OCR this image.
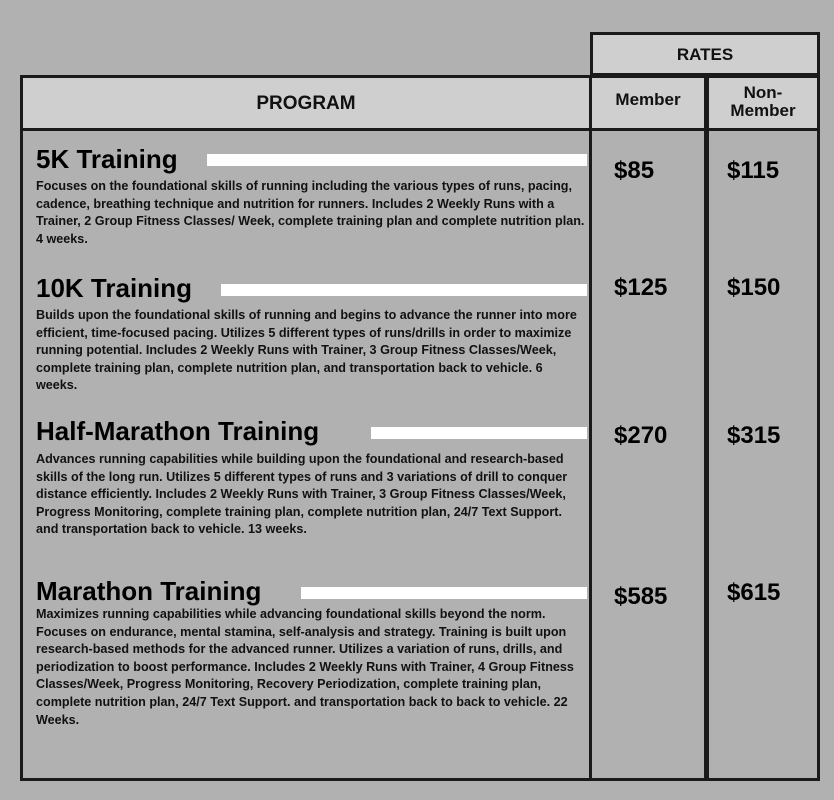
RATES
PROGRAM	Member	Non-
Member
5K Training
Focuses on the foundational skills of running including the various types of runs, pacing, cadence, breathing technique and nutrition for runners. Includes 2 Weekly Runs with a Trainer, 2 Group Fitness Classes/ Week, complete training plan and complete nutrition plan. 4 weeks.
10K Training
Builds upon the foundational skills of running and begins to advance the runner into more efficient, time-focused pacing. Utilizes 5 different types of runs/drills in order to maximize running potential. Includes 2 Weekly Runs with Trainer, 3 Group Fitness Classes/Week, complete training plan, complete nutrition plan, and transportation back to vehicle. 6 weeks.
Half-Marathon Training
Advances running capabilities while building upon the foundational and research-based skills of the long run. Utilizes 5 different types of runs and 3 variations of drill to conquer distance efficiently. Includes 2 Weekly Runs with Trainer, 3 Group Fitness Classes/Week, Progress Monitoring, complete training plan, complete nutrition plan, 24/7 Text Support. and transportation back to vehicle. 13 weeks.
Marathon Training
Maximizes running capabilities while advancing foundational skills beyond the norm. Focuses on endurance, mental stamina, self-analysis and strategy. Training is built upon research-based methods for the advanced runner. Utilizes a variation of runs, drills, and periodization to boost performance. Includes 2 Weekly Runs with Trainer, 4 Group Fitness Classes/Week, Progress Monitoring, Recovery Periodization, complete training plan, complete nutrition plan, 24/7 Text Support. and transportation back to back to vehicle. 22 Weeks.
$85
$125
$270
$585
$115
$150
$315
$615
